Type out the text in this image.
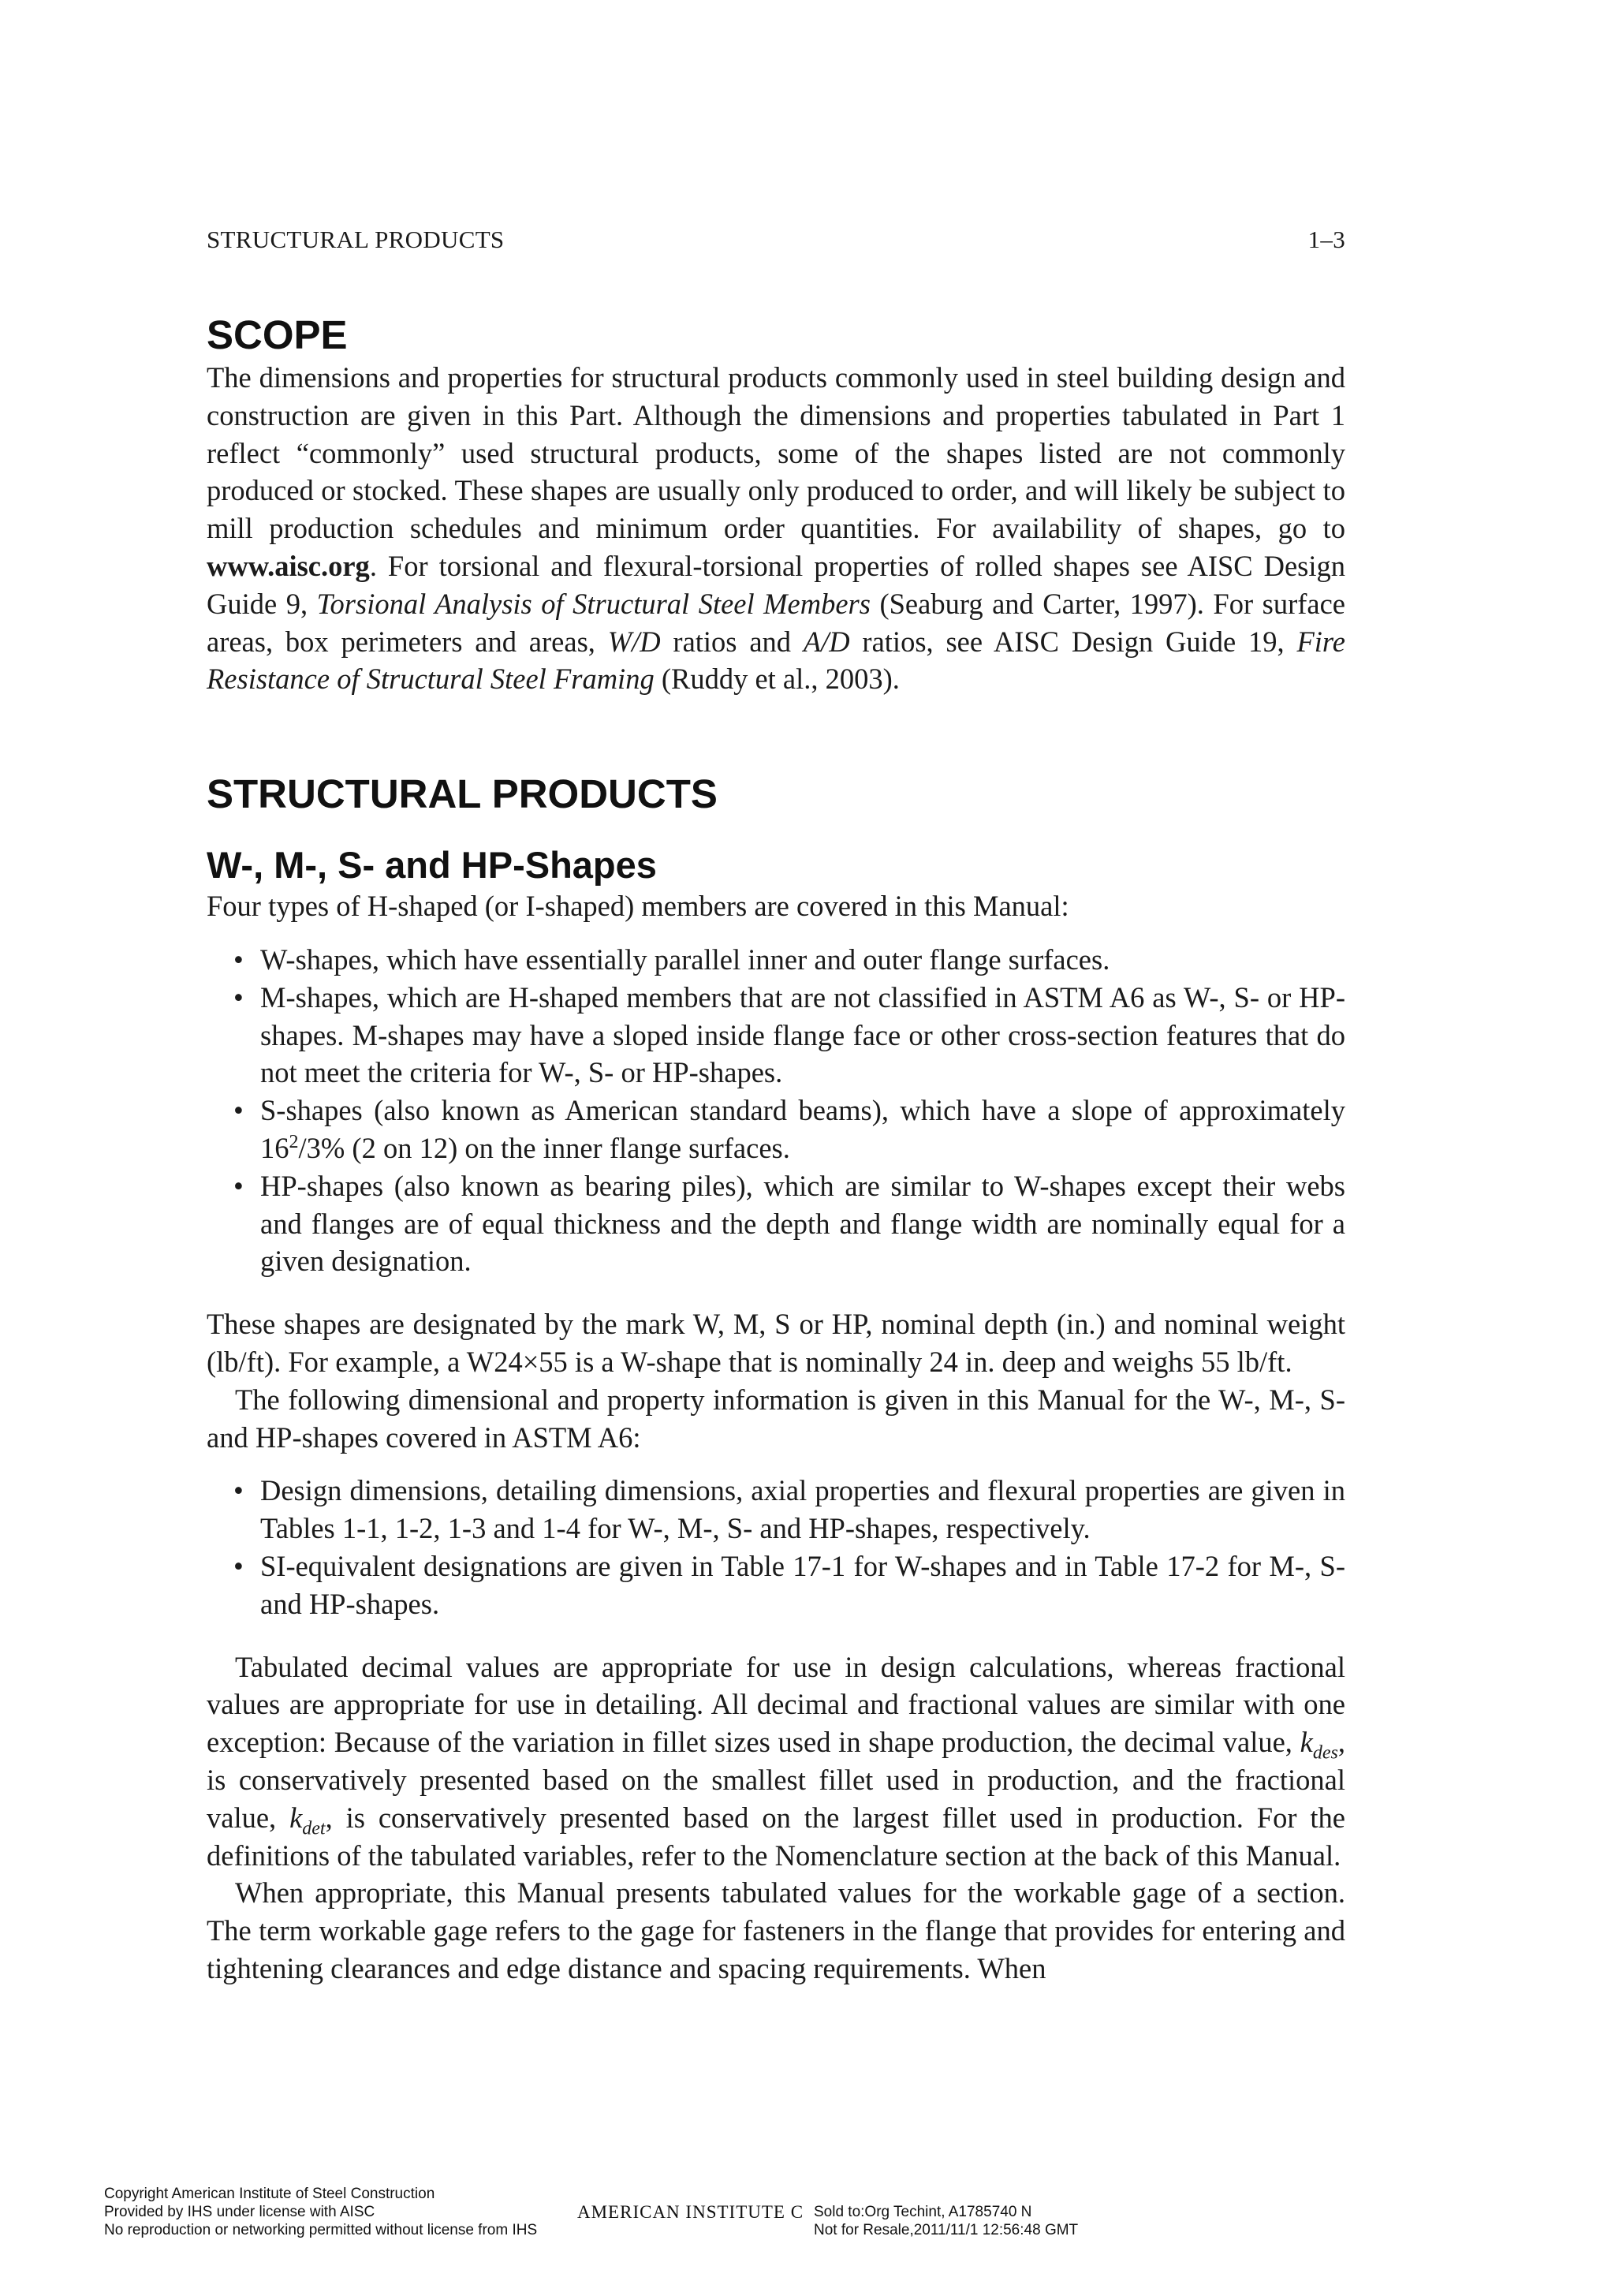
STRUCTURAL PRODUCTS	1–3
SCOPE

The dimensions and properties for structural products commonly used in steel building design and construction are given in this Part. Although the dimensions and properties tabulated in Part 1 reflect “commonly” used structural products, some of the shapes listed are not commonly produced or stocked. These shapes are usually only produced to order, and will likely be subject to mill production schedules and minimum order quantities. For availability of shapes, go to www.aisc.org. For torsional and flexural-torsional properties of rolled shapes see AISC Design Guide 9, Torsional Analysis of Structural Steel Members (Seaburg and Carter, 1997). For surface areas, box perimeters and areas, W/D ratios and A/D ratios, see AISC Design Guide 19, Fire Resistance of Structural Steel Framing (Ruddy et al., 2003).

STRUCTURAL PRODUCTS
W-, M-, S- and HP-Shapes

Four types of H-shaped (or I-shaped) members are covered in this Manual:

• W-shapes, which have essentially parallel inner and outer flange surfaces.
• M-shapes, which are H-shaped members that are not classified in ASTM A6 as W-, S- or HP-shapes. M-shapes may have a sloped inside flange face or other cross-section features that do not meet the criteria for W-, S- or HP-shapes.
• S-shapes (also known as American standard beams), which have a slope of approximately $16^2/3\%$ (2 on 12) on the inner flange surfaces.
• HP-shapes (also known as bearing piles), which are similar to W-shapes except their webs and flanges are of equal thickness and the depth and flange width are nominally equal for a given designation.

These shapes are designated by the mark W, M, S or HP, nominal depth (in.) and nominal weight (lb/ft). For example, a W24×55 is a W-shape that is nominally 24 in. deep and weighs 55 lb/ft.

The following dimensional and property information is given in this Manual for the W-, M-, S- and HP-shapes covered in ASTM A6:

• Design dimensions, detailing dimensions, axial properties and flexural properties are given in Tables 1-1, 1-2, 1-3 and 1-4 for W-, M-, S- and HP-shapes, respectively.
• SI-equivalent designations are given in Table 17-1 for W-shapes and in Table 17-2 for M-, S- and HP-shapes.

Tabulated decimal values are appropriate for use in design calculations, whereas fractional values are appropriate for use in detailing. All decimal and fractional values are similar with one exception: Because of the variation in fillet sizes used in shape production, the decimal value, $k_{des}$, is conservatively presented based on the smallest fillet used in production, and the fractional value, $k_{det}$, is conservatively presented based on the largest fillet used in production. For the definitions of the tabulated variables, refer to the Nomenclature section at the back of this Manual.

When appropriate, this Manual presents tabulated values for the workable gage of a section. The term workable gage refers to the gage for fasteners in the flange that provides for entering and tightening clearances and edge distance and spacing requirements. When

Copyright American Institute of Steel Construction
Provided by IHS under license with AISC	AMERICAN INSTITUTE C Sold to:Org Techint, A1785740 N
No reproduction or networking permitted without license from IHS	Not for Resale,2011/11/1 12:56:48 GMT
